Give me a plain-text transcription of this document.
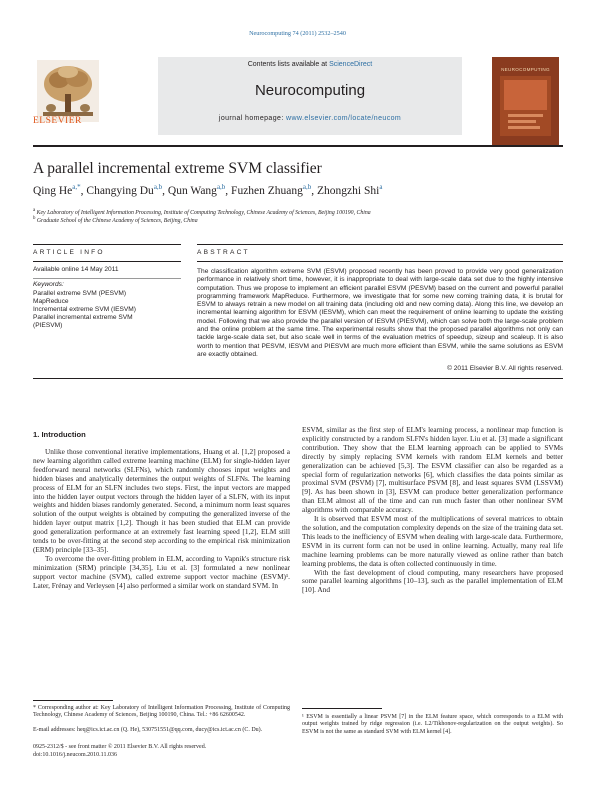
Neurocomputing 74 (2011) 2532–2540
Contents lists available at ScienceDirect
Neurocomputing
journal homepage: www.elsevier.com/locate/neucom
ELSEVIER
NEUROCOMPUTING
A parallel incremental extreme SVM classifier
Qing $He^{a,*}$, Changying Du$^{a,b}$, Qun Wang$^{a,b}$, Fuzhen Zhuang$^{a,b}$, Zhongzhi Shi$^a$
$^a$ Key Laboratory of Intelligent Information Processing, Institute of Computing Technology, Chinese Academy of Sciences, Beijing 100190, China
$^b$ Graduate School of the Chinese Academy of Sciences, Beijing, China
ARTICLE INFO
Available online 14 May 2011
Keywords:
Parallel extreme SVM (PESVM)
MapReduce
Incremental extreme SVM (IESVM)
Parallel incremental extreme SVM
(PIESVM)
ABSTRACT
The classification algorithm extreme SVM (ESVM) proposed recently has been proved to provide very good generalization performance in relatively short time, however, it is inappropriate to deal with large-scale data set due to the highly intensive computation. Thus we propose to implement an efficient parallel ESVM (PESVM) based on the current and powerful parallel programming framework MapReduce. Furthermore, we investigate that for some new coming training data, it is brutal for ESVM to always retrain a new model on all training data (including old and new coming data). Along this line, we develop an incremental learning algorithm for ESVM (IESVM), which can meet the requirement of online learning to update the existing model. Following that we also provide the parallel version of IESVM (PIESVM), which can solve both the large-scale problem and the online problem at the same time. The experimental results show that the proposed parallel algorithms not only can tackle large-scale data set, but also scale well in terms of the evaluation metrics of speedup, sizeup and scaleup. It is also worth to mention that PESVM, IESVM and PIESVM are much more efficient than ESVM, while the same solutions as ESVM are exactly obtained.
© 2011 Elsevier B.V. All rights reserved.
1. Introduction

Unlike those conventional iterative implementations, Huang et al. [1,2] proposed a new learning algorithm called extreme learning machine (ELM) for single-hidden layer feedforward neural networks (SLFNs), which randomly chooses input weights and hidden biases and analytically determines the output weights of SLFNs. The learning process of ELM for an SLFN includes two steps. First, the input vectors are mapped into the hidden layer output vectors through the hidden layer of a SLFN, with its input weights and hidden biases randomly generated. Second, a minimum norm least squares solution of the output weights is obtained by computing the generalized inverse of the hidden layer output matrix [1,2]. Though it has been studied that ELM can provide good generalization performance at an extremely fast learning speed [1,2], ELM still tends to be over-fitting at the second step according to the empirical risk minimization (ERM) principle [33–35].

To overcome the over-fitting problem in ELM, according to Vapnik's structure risk minimization (SRM) principle [34,35], Liu et al. [3] formulated a new nonlinear support vector machine (SVM), called extreme support vector machine (ESVM)¹. Later, Frénay and Verleysen [4] also performed a similar work on standard SVM. In

ESVM, similar as the first step of ELM's learning process, a nonlinear map function is explicitly constructed by a random SLFN's hidden layer. Liu et al. [3] made a significant contribution. They show that the ELM learning approach can be applied to SVMs directly by simply replacing SVM kernels with random ELM kernels and better generalization can be achieved [5,3]. The ESVM classifier can also be regarded as a special form of regularization networks [6], which classifies the data points similar as proximal SVM (PSVM) [7], multisurface PSVM [8], and least squares SVM (LSSVM) [9]. As has been shown in [3], ESVM can produce better generalization performance than ELM almost all of the time and can run much faster than other nonlinear SVM algorithms with comparable accuracy.

It is observed that ESVM most of the multiplications of several matrices to obtain the solution, and the computation complexity depends on the size of the training data set. This leads to the inefficiency of ESVM when dealing with large-scale data. Furthermore, ESVM in its current form can not be used in online learning. Actually, many real life machine learning problems can be more naturally viewed as online rather than batch learning problems, the data is often collected continuously in time.

With the fast development of cloud computing, many researchers have proposed some parallel learning algorithms [10–13], such as the parallel implementation of ELM [10]. And

* Corresponding author at: Key Laboratory of Intelligent Information Processing, Institute of Computing Technology, Chinese Academy of Sciences, Beijing 100190, China. Tel.: +86 62600542.
E-mail addresses: heq@ics.ict.ac.cn (Q. He), 530751551@qq.com, ducy@ics.ict.ac.cn (C. Du).
0925-2312/$ - see front matter © 2011 Elsevier B.V. All rights reserved.
doi:10.1016/j.neucom.2010.11.036
¹ ESVM is essentially a linear PSVM [7] in the ELM feature space, which corresponds to a ELM with output weights trained by ridge regression (i.e. L2/Tikhonov-regularization on the output weights). So ESVM is not the same as standard SVM with ELM kernel [4].
